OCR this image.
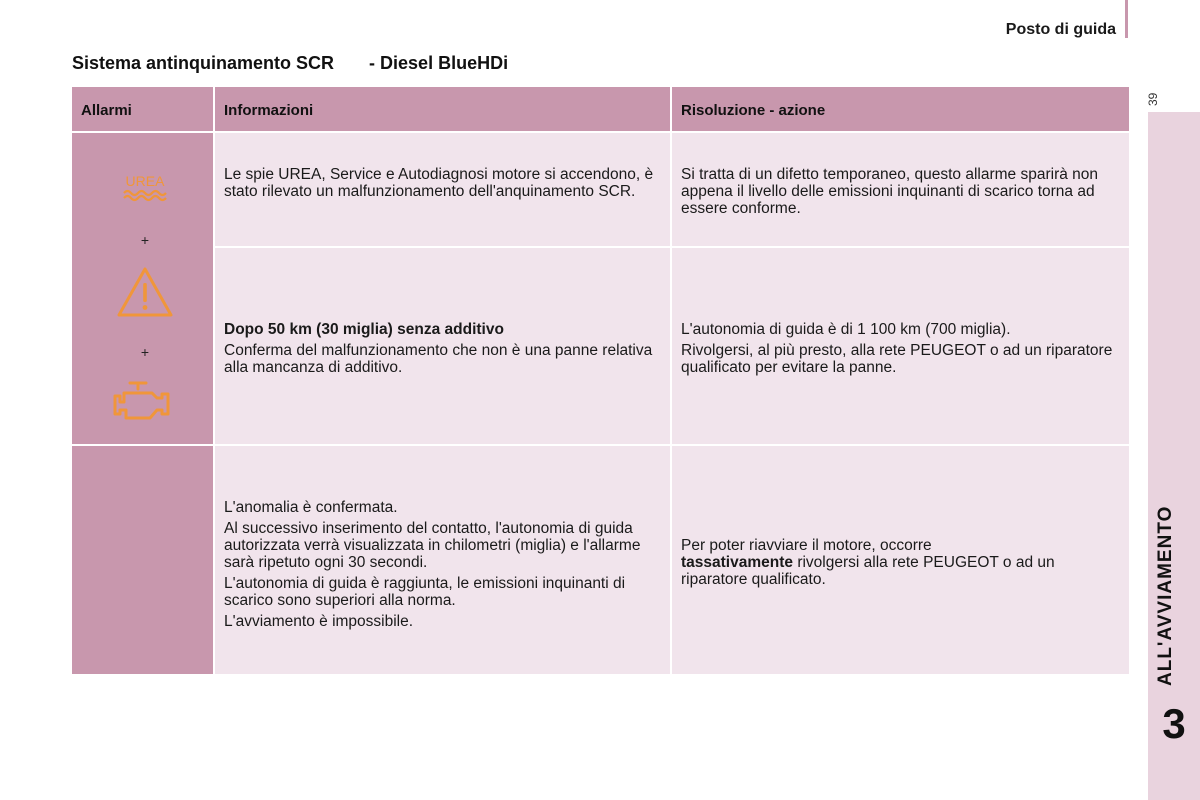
Posto di guida
39
ALL'AVVIAMENTO
3
Sistema antinquinamento SCR       - Diesel BlueHDi
Allarmi	Informazioni	Risoluzione - azione
UREA
+
+
Le spie UREA, Service e Autodiagnosi motore si accendono, è stato rilevato un malfunzionamento dell'anquinamento SCR.
Si tratta di un difetto temporaneo, questo allarme sparirà non appena il livello delle emissioni inquinanti di scarico torna ad essere conforme.

Dopo 50 km (30 miglia) senza additivo

Conferma del malfunzionamento che non è una panne relativa alla mancanza di additivo.

L'autonomia di guida è di 1 100 km (700 miglia).

Rivolgersi, al più presto, alla rete PEUGEOT o ad un riparatore qualificato per evitare la panne.

L'anomalia è confermata.

Al successivo inserimento del contatto, l'autonomia di guida autorizzata verrà visualizzata in chilometri (miglia) e l'allarme sarà ripetuto ogni 30 secondi.

L'autonomia di guida è raggiunta, le emissioni inquinanti di scarico sono superiori alla norma.

L'avviamento è impossibile.

Per poter riavviare il motore, occorre
tassativamente rivolgersi alla rete PEUGEOT o ad un riparatore qualificato.
